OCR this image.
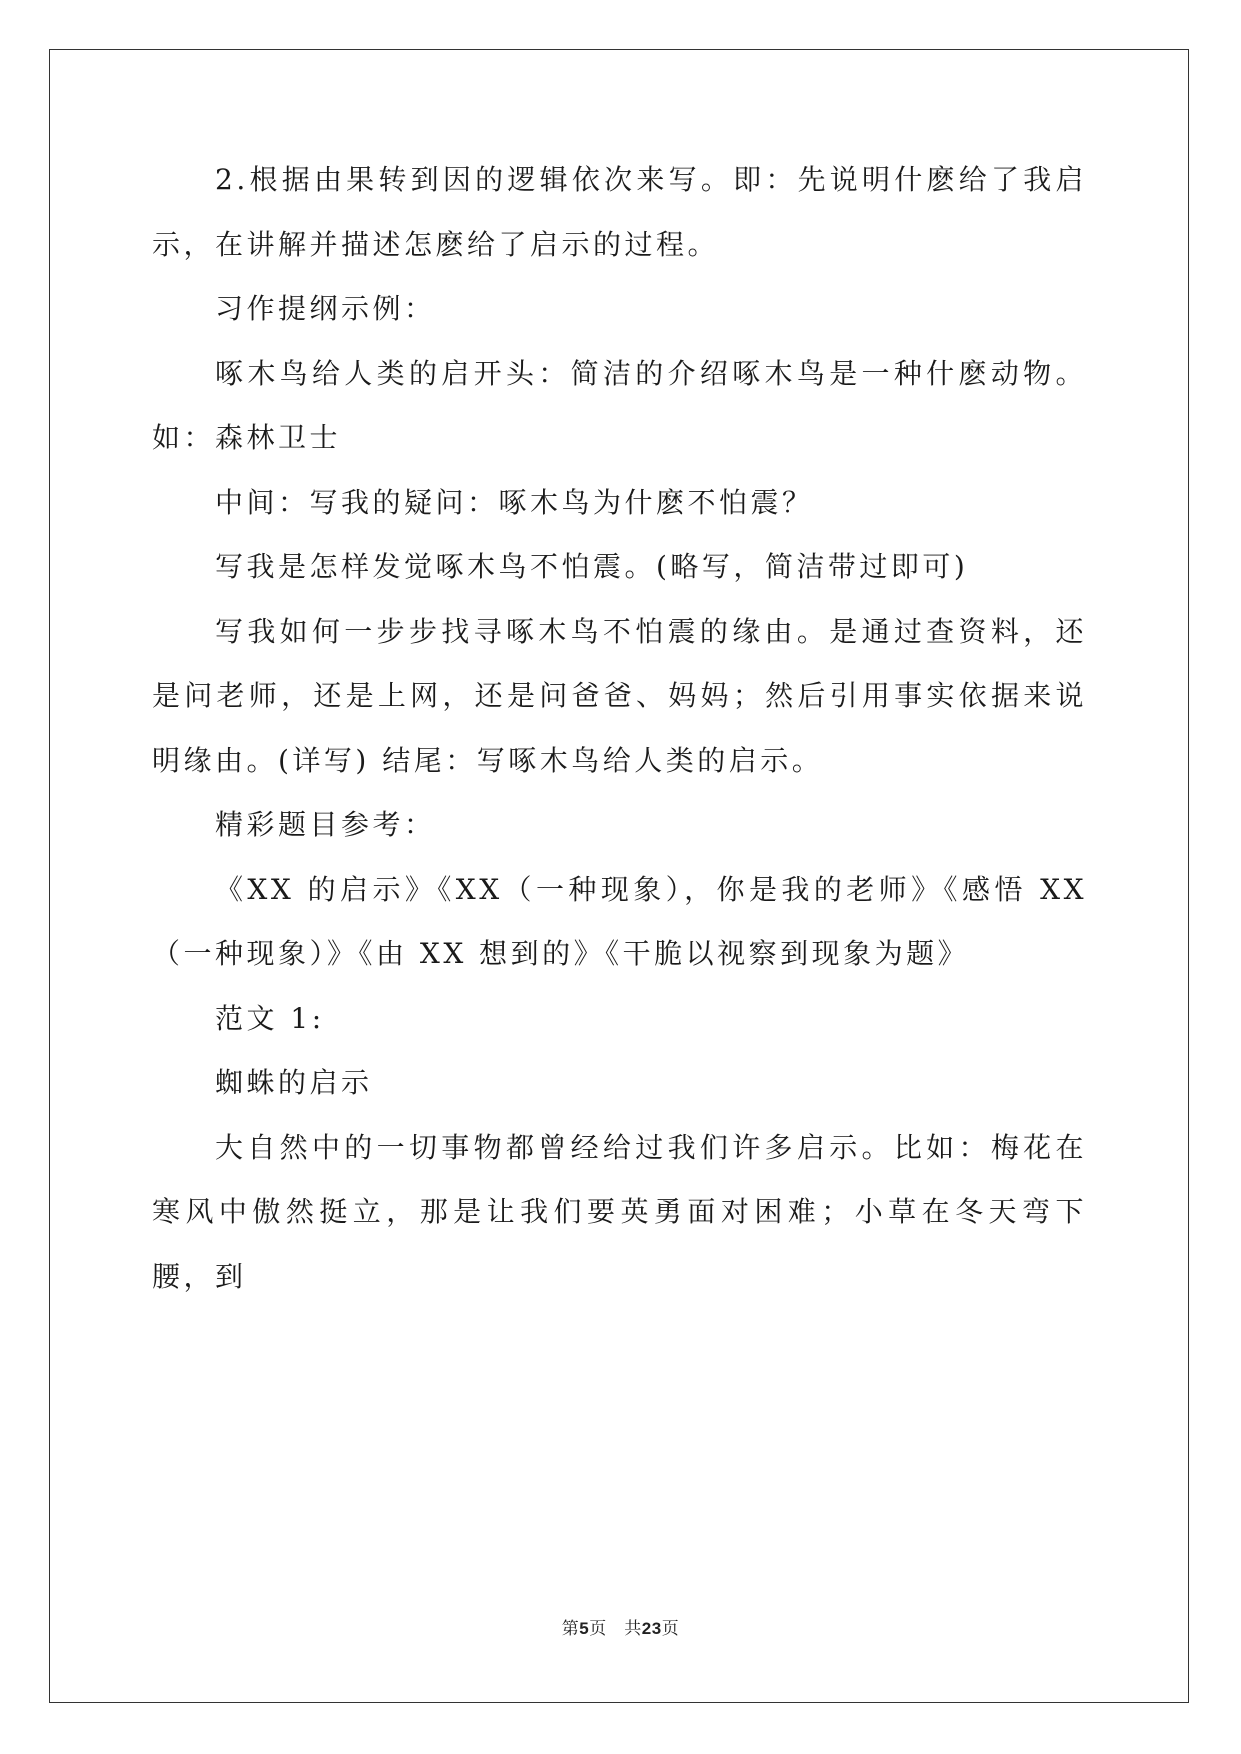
2.根据由果转到因的逻辑依次来写。即：先说明什麽给了我启示，在讲解并描述怎麽给了启示的过程。

习作提纲示例：

啄木鸟给人类的启开头：简洁的介绍啄木鸟是一种什麽动物。如：森林卫士

中间：写我的疑问：啄木鸟为什麽不怕震？

写我是怎样发觉啄木鸟不怕震。(略写，简洁带过即可)

写我如何一步步找寻啄木鸟不怕震的缘由。是通过查资料，还是问老师，还是上网，还是问爸爸、妈妈；然后引用事实依据来说明缘由。(详写) 结尾：写啄木鸟给人类的启示。

精彩题目参考：

《XX 的启示》《XX（一种现象），你是我的老师》《感悟 XX（一种现象）》《由 XX 想到的》《干脆以视察到现象为题》

范文 1:

蜘蛛的启示

大自然中的一切事物都曾经给过我们许多启示。比如：梅花在寒风中傲然挺立，那是让我们要英勇面对困难；小草在冬天弯下腰，到

第5页　 共23页
